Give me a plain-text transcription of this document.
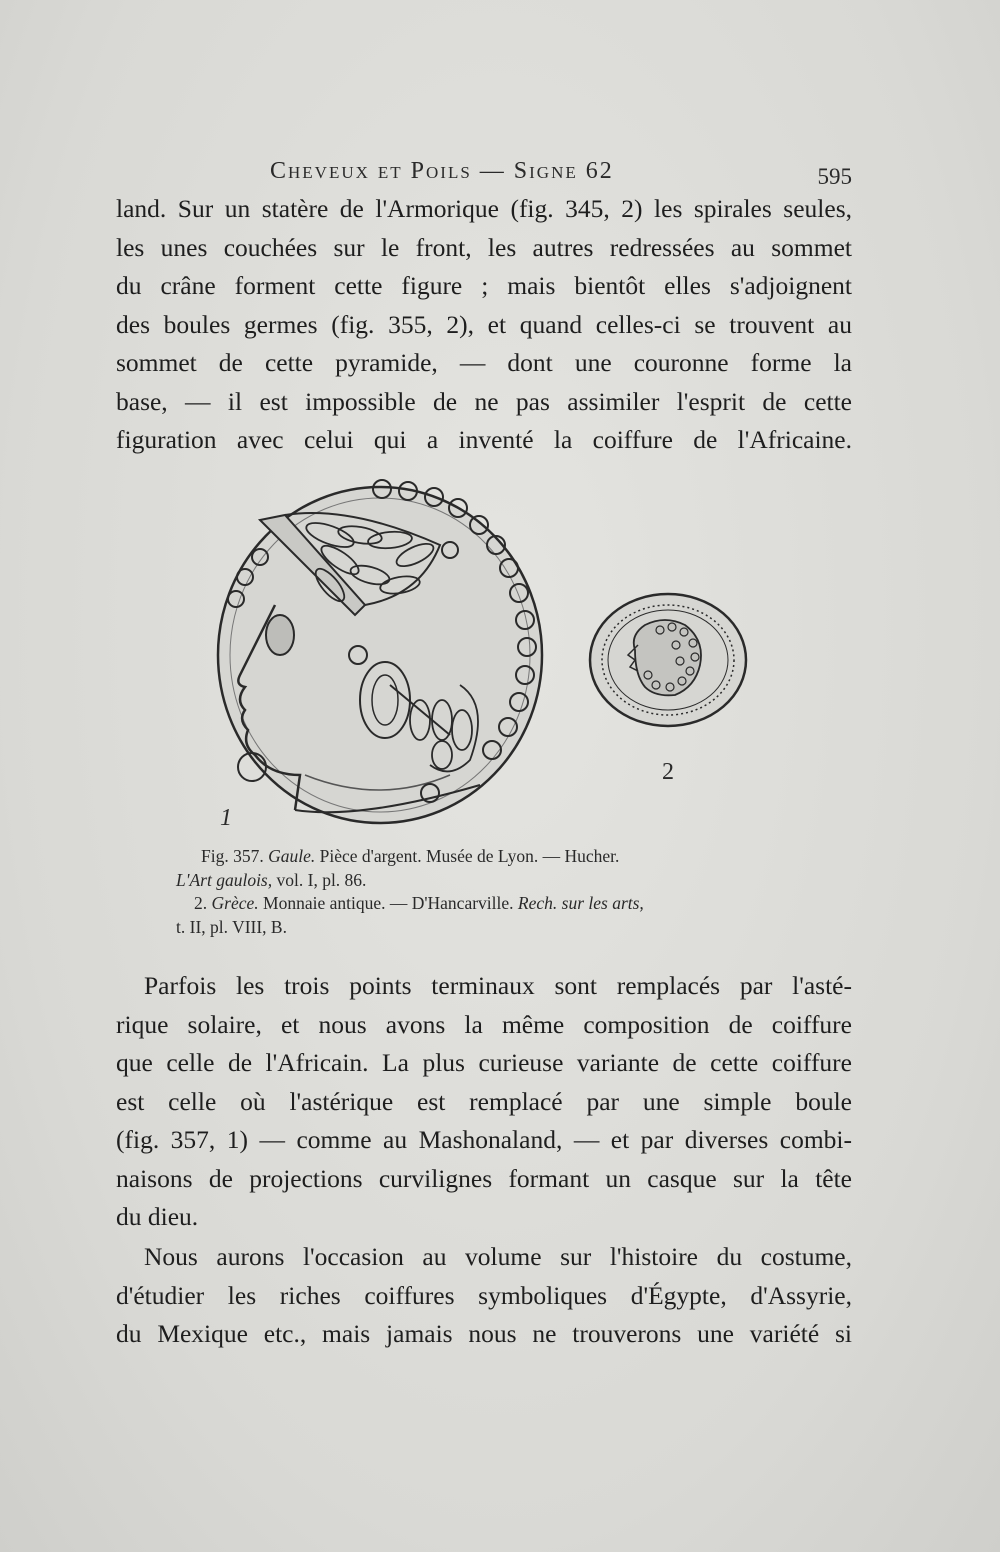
Cheveux et Poils — Signe 62	595
land. Sur un statère de l'Armorique (fig. 345, 2) les spirales seules,
les unes couchées sur le front, les autres redressées au sommet
du crâne forment cette figure ; mais bientôt elles s'adjoignent
des boules germes (fig. 355, 2), et quand celles-ci se trouvent au
sommet de cette pyramide, — dont une couronne forme la
base, — il est impossible de ne pas assimiler l'esprit de cette
figuration avec celui qui a inventé la coiffure de l'Africaine.
1
2
Fig. 357. Gaule. Pièce d'argent. Musée de Lyon. — Hucher.
L'Art gaulois, vol. I, pl. 86.
2. Grèce. Monnaie antique. — D'Hancarville. Rech. sur les arts,
t. II, pl. VIII, B.
Parfois les trois points terminaux sont remplacés par l'asté-
rique solaire, et nous avons la même composition de coiffure
que celle de l'Africain. La plus curieuse variante de cette coiffure
est celle où l'astérique est remplacé par une simple boule
(fig. 357, 1) — comme au Mashonaland, — et par diverses combi-
naisons de projections curvilignes formant un casque sur la tête
du dieu.
Nous aurons l'occasion au volume sur l'histoire du costume,
d'étudier les riches coiffures symboliques d'Égypte, d'Assyrie,
du Mexique etc., mais jamais nous ne trouverons une variété si
